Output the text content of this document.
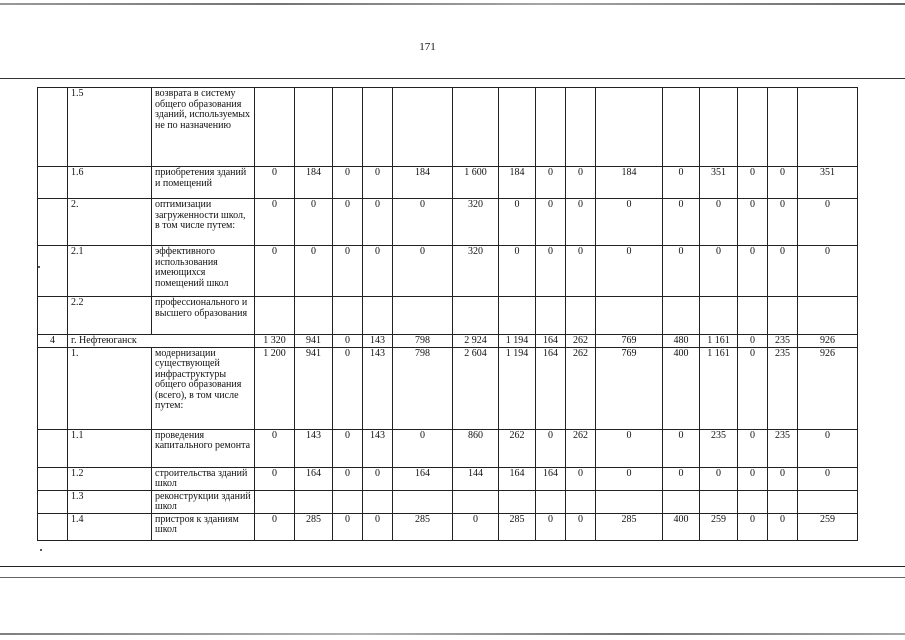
171
	1.5	возврата в систему общего образования зданий, используемых не по назначению															
	1.6	приобретения зданий и помещений	0	184	0	0	184	1 600	184	0	0	184	0	351	0	0	351
	2.	оптимизации загруженности школ, в том числе путем:	0	0	0	0	0	320	0	0	0	0	0	0	0	0	0
	2.1	эффективного использования имеющихся помещений школ	0	0	0	0	0	320	0	0	0	0	0	0	0	0	0
	2.2	профессионального и высшего образования															
4	г. Нефтеюганск		1 320	941	0	143	798	2 924	1 194	164	262	769	480	1 161	0	235	926
	1.	модернизации существующей инфраструктуры общего образования (всего), в том числе путем:	1 200	941	0	143	798	2 604	1 194	164	262	769	400	1 161	0	235	926
	1.1	проведения капитального ремонта	0	143	0	143	0	860	262	0	262	0	0	235	0	235	0
	1.2	строительства зданий школ	0	164	0	0	164	144	164	164	0	0	0	0	0	0	0
	1.3	реконструкции зданий школ															
	1.4	пристроя к зданиям школ	0	285	0	0	285	0	285	0	0	285	400	259	0	0	259
